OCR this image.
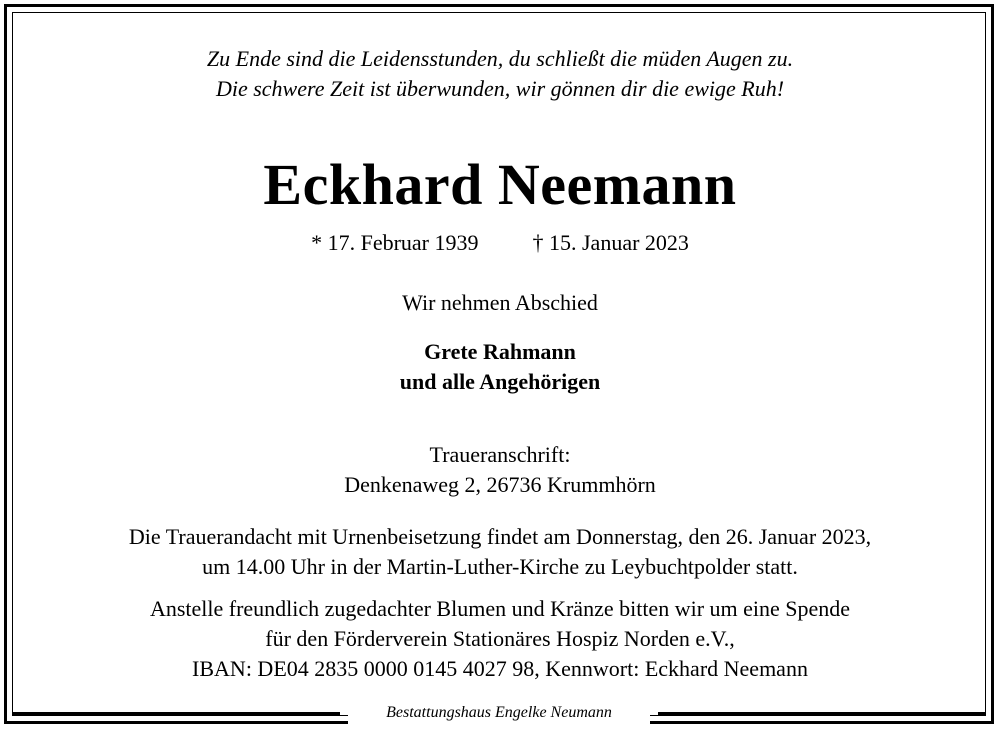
Zu Ende sind die Leidensstunden, du schließt die müden Augen zu.
Die schwere Zeit ist überwunden, wir gönnen dir die ewige Ruh!
Eckhard Neemann
* 17. Februar 1939 † 15. Januar 2023
Wir nehmen Abschied
Grete Rahmann
und alle Angehörigen
Traueranschrift:
Denkenaweg 2, 26736 Krummhörn
Die Trauerandacht mit Urnenbeisetzung findet am Donnerstag, den 26. Januar 2023,
um 14.00 Uhr in der Martin-Luther-Kirche zu Leybuchtpolder statt.
Anstelle freundlich zugedachter Blumen und Kränze bitten wir um eine Spende
für den Förderverein Stationäres Hospiz Norden e.V.,
IBAN: DE04 2835 0000 0145 4027 98, Kennwort: Eckhard Neemann
Bestattungshaus Engelke Neumann
